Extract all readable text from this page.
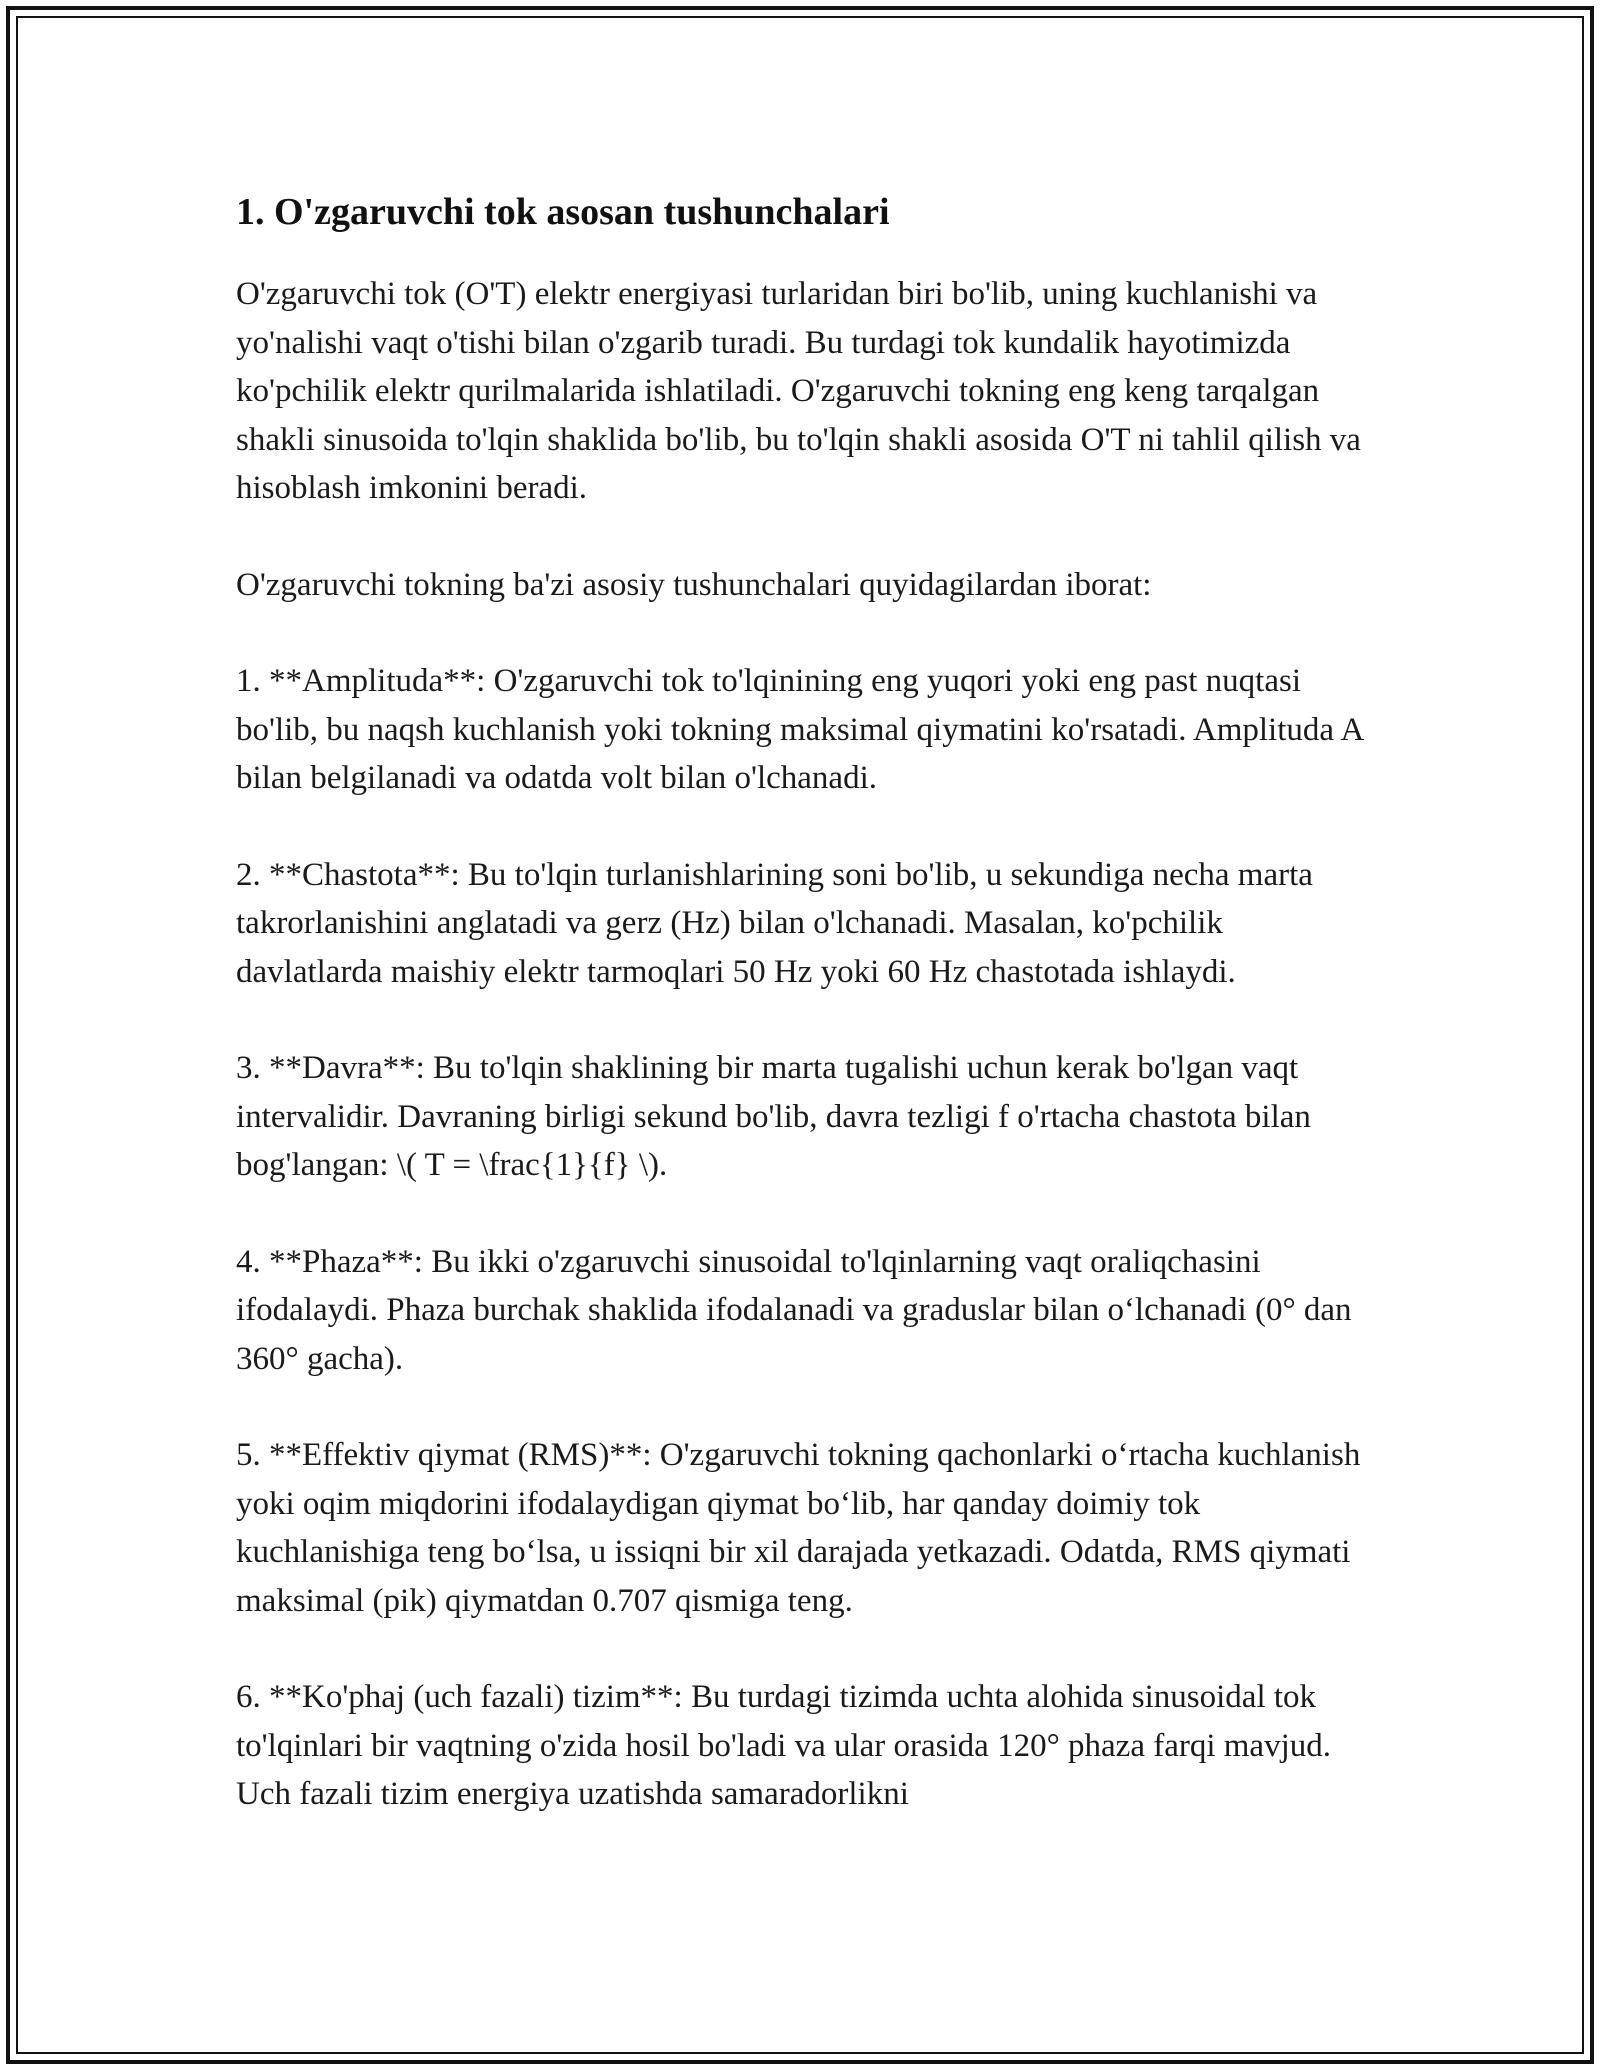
1. O'zgaruvchi tok asosan tushunchalari

O'zgaruvchi tok (O'T) elektr energiyasi turlaridan biri bo'lib, uning kuchlanishi va yo'nalishi vaqt o'tishi bilan o'zgarib turadi. Bu turdagi tok kundalik hayotimizda ko'pchilik elektr qurilmalarida ishlatiladi. O'zgaruvchi tokning eng keng tarqalgan shakli sinusoida to'lqin shaklida bo'lib, bu to'lqin shakli asosida O'T ni tahlil qilish va hisoblash imkonini beradi.

O'zgaruvchi tokning ba'zi asosiy tushunchalari quyidagilardan iborat:

1. **Amplituda**: O'zgaruvchi tok to'lqinining eng yuqori yoki eng past nuqtasi bo'lib, bu naqsh kuchlanish yoki tokning maksimal qiymatini ko'rsatadi. Amplituda A bilan belgilanadi va odatda volt bilan o'lchanadi.

2. **Chastota**: Bu to'lqin turlanishlarining soni bo'lib, u sekundiga necha marta takrorlanishini anglatadi va gerz (Hz) bilan o'lchanadi. Masalan, ko'pchilik davlatlarda maishiy elektr tarmoqlari 50 Hz yoki 60 Hz chastotada ishlaydi.

3. **Davra**: Bu to'lqin shaklining bir marta tugalishi uchun kerak bo'lgan vaqt intervalidir. Davraning birligi sekund bo'lib, davra tezligi f o'rtacha chastota bilan bog'langan: \( T = \frac{1}{f} \).

4. **Phaza**: Bu ikki o'zgaruvchi sinusoidal to'lqinlarning vaqt oraliqchasini ifodalaydi. Phaza burchak shaklida ifodalanadi va graduslar bilan o‘lchanadi (0° dan 360° gacha).

5. **Effektiv qiymat (RMS)**: O'zgaruvchi tokning qachonlarki o‘rtacha kuchlanish yoki oqim miqdorini ifodalaydigan qiymat bo‘lib, har qanday doimiy tok kuchlanishiga teng bo‘lsa, u issiqni bir xil darajada yetkazadi. Odatda, RMS qiymati maksimal (pik) qiymatdan 0.707 qismiga teng.

6. **Ko'phaj (uch fazali) tizim**: Bu turdagi tizimda uchta alohida sinusoidal tok to'lqinlari bir vaqtning o'zida hosil bo'ladi va ular orasida 120° phaza farqi mavjud. Uch fazali tizim energiya uzatishda samaradorlikni
